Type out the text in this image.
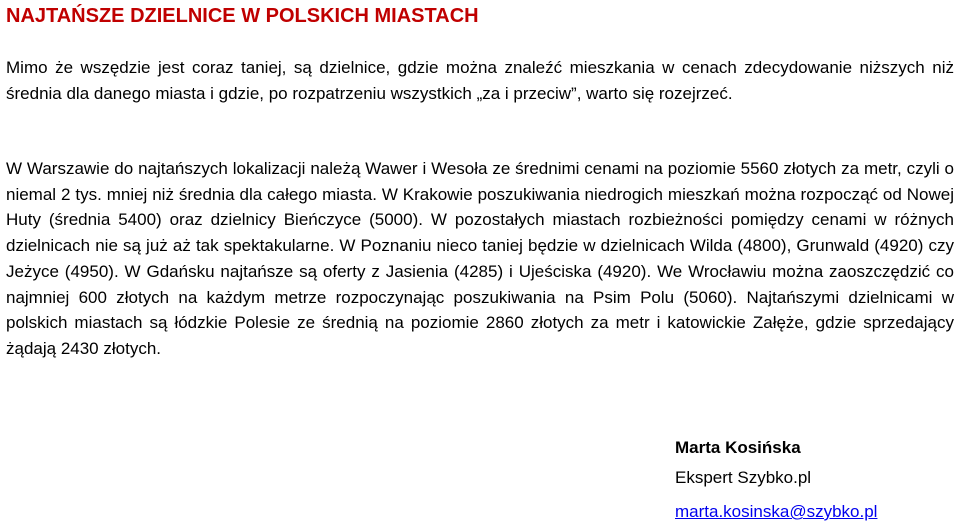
NAJTAŃSZE DZIELNICE W POLSKICH MIASTACH

Mimo że wszędzie jest coraz taniej, są dzielnice, gdzie można znaleźć mieszkania w cenach zdecydowanie niższych niż średnia dla danego miasta i gdzie, po rozpatrzeniu wszystkich „za i przeciw”, warto się rozejrzeć.

W Warszawie do najtańszych lokalizacji należą Wawer i Wesoła ze średnimi cenami na poziomie 5560 złotych za metr, czyli o niemal 2 tys. mniej niż średnia dla całego miasta. W Krakowie poszukiwania niedrogich mieszkań można rozpocząć od Nowej Huty (średnia 5400) oraz dzielnicy Bieńczyce (5000). W pozostałych miastach rozbieżności pomiędzy cenami w różnych dzielnicach nie są już aż tak spektakularne. W Poznaniu nieco taniej będzie w dzielnicach Wilda (4800), Grunwald (4920) czy Jeżyce (4950). W Gdańsku najtańsze są oferty z Jasienia (4285) i Ujeściska (4920). We Wrocławiu można zaoszczędzić co najmniej 600 złotych na każdym metrze rozpoczynając poszukiwania na Psim Polu (5060). Najtańszymi dzielnicami w polskich miastach są łódzkie Polesie ze średnią na poziomie 2860 złotych za metr i katowickie Załęże, gdzie sprzedający żądają 2430 złotych.

Marta Kosińska
Ekspert Szybko.pl
marta.kosinska@szybko.pl
